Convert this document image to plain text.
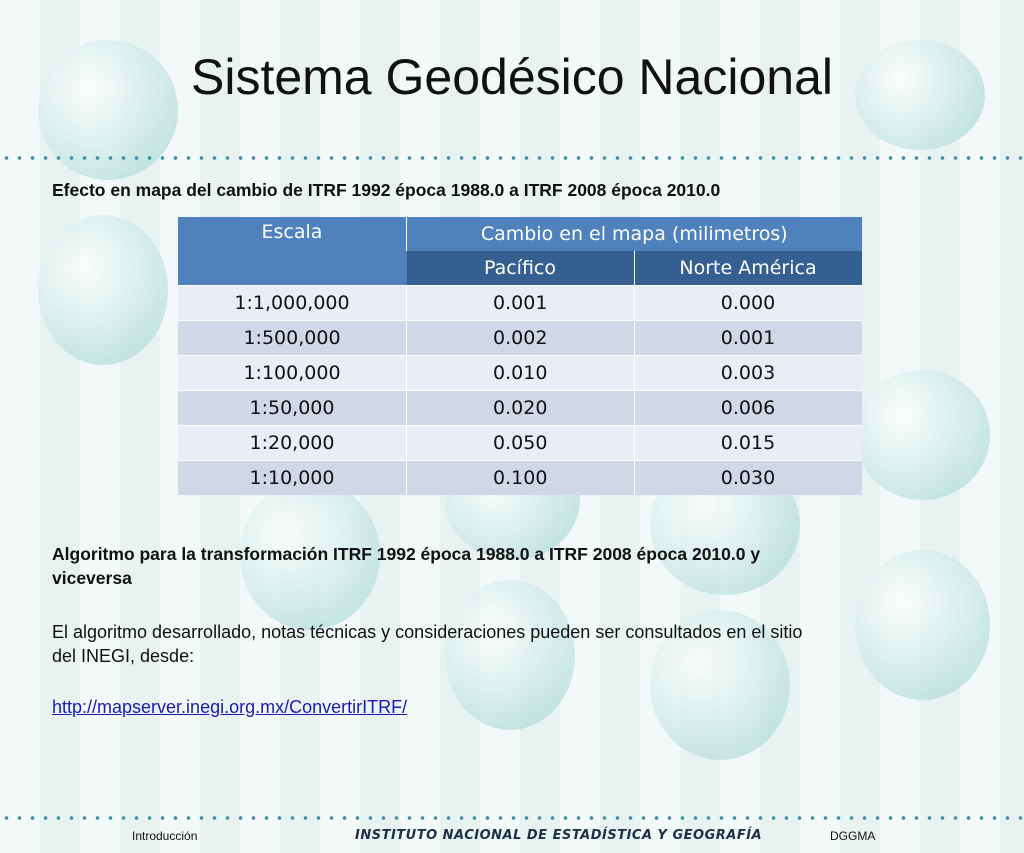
Sistema Geodésico Nacional
Efecto en mapa del cambio de ITRF 1992 época 1988.0 a ITRF 2008 época 2010.0
Escala	Cambio en el mapa (milimetros)	
	Pacífico	Norte América
1:1,000,000	0.001	0.000
1:500,000	0.002	0.001
1:100,000	0.010	0.003
1:50,000	0.020	0.006
1:20,000	0.050	0.015
1:10,000	0.100	0.030
Algoritmo para la transformación ITRF 1992 época 1988.0 a ITRF 2008 época 2010.0 y
viceversa
El algoritmo desarrollado, notas técnicas y consideraciones pueden ser consultados en el sitio
del INEGI, desde:
http://mapserver.inegi.org.mx/ConvertirITRF/
Introducción	INSTITUTO NACIONAL DE ESTADÍSTICA Y GEOGRAFÍA	DGGMA
